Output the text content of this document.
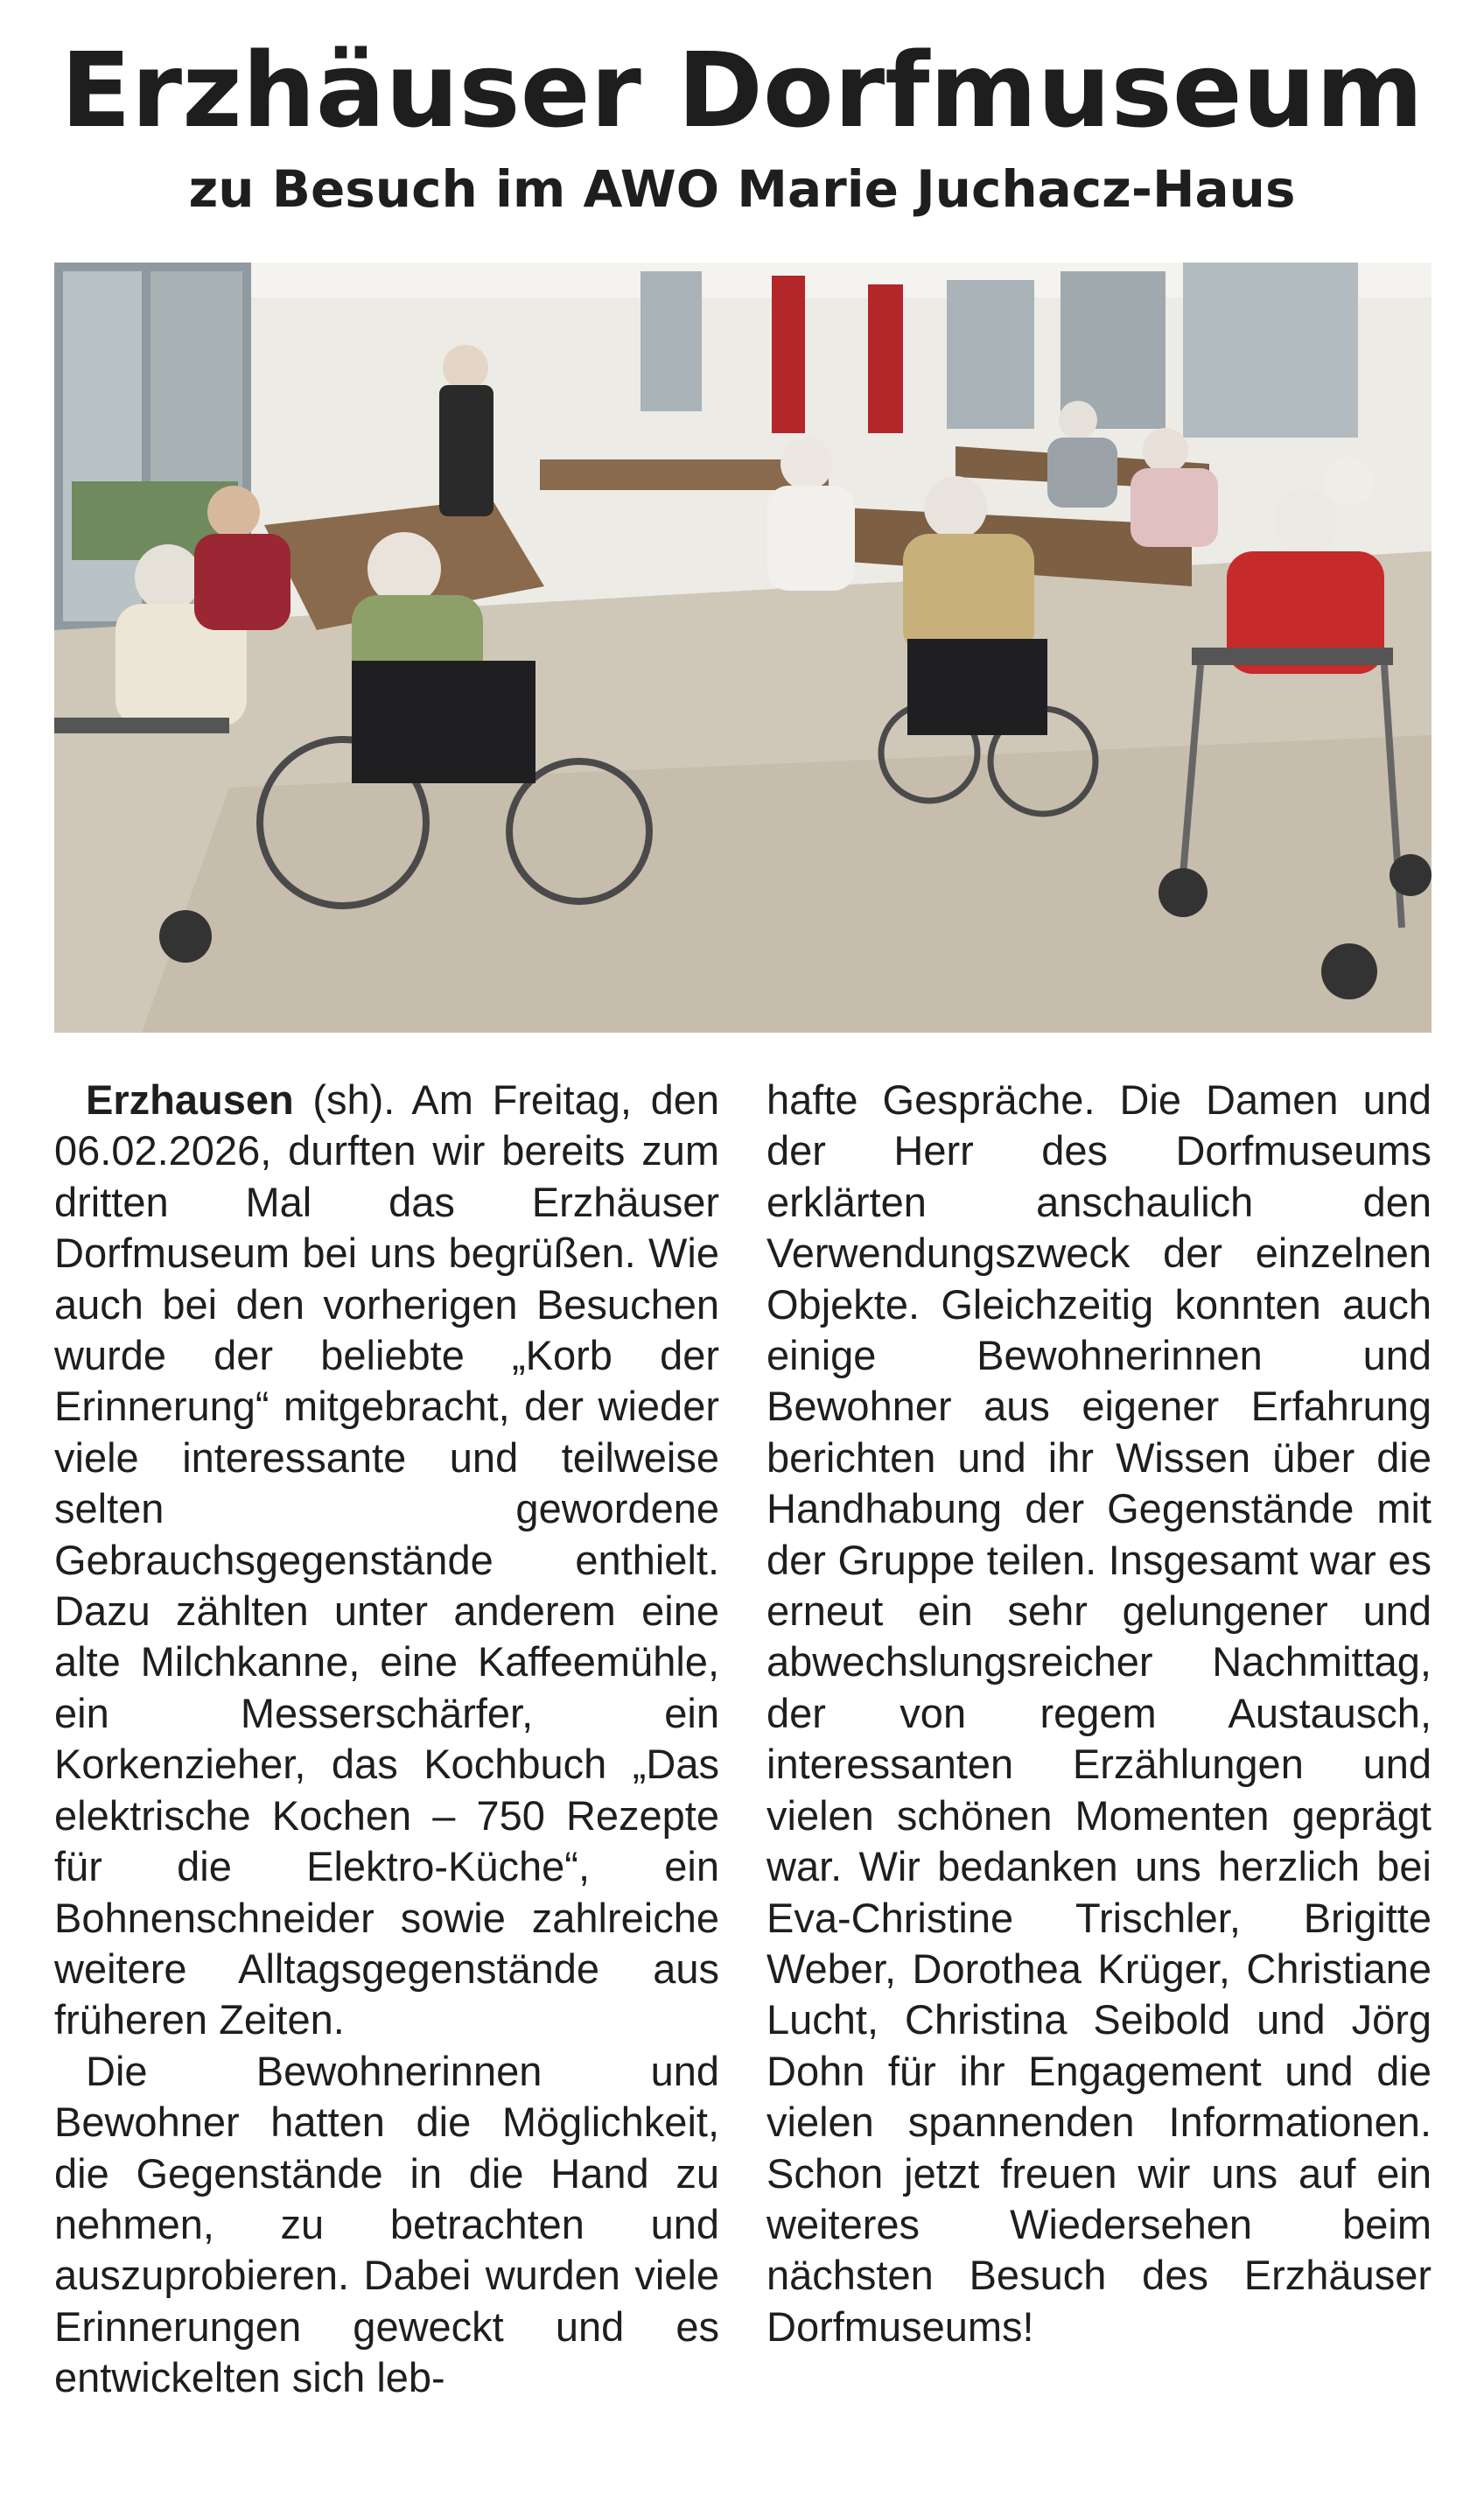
Erzhäuser Dorfmuseum
zu Besuch im AWO Marie Juchacz-Haus

Erzhausen (sh). Am Freitag, den 06.02.2026, durften wir bereits zum dritten Mal das Erzhäuser Dorfmuseum bei uns begrüßen. Wie auch bei den vorherigen Besuchen wurde der beliebte „Korb der Erinnerung“ mitgebracht, der wieder viele interessante und teilweise selten gewordene Gebrauchsgegenstände enthielt. Dazu zählten unter anderem eine alte Milchkanne, eine Kaffeemühle, ein Messerschärfer, ein Korkenzieher, das Kochbuch „Das elektrische Kochen – 750 Rezepte für die Elektro-Küche“, ein Bohnenschneider sowie zahlreiche weitere Alltagsgegenstände aus früheren Zeiten.

Die Bewohnerinnen und Bewohner hatten die Möglichkeit, die Gegenstände in die Hand zu nehmen, zu betrachten und auszuprobieren. Dabei wurden viele Erinnerungen geweckt und es entwickelten sich leb-

hafte Gespräche. Die Damen und der Herr des Dorfmuseums erklärten anschaulich den Verwendungszweck der einzelnen Objekte. Gleichzeitig konnten auch einige Bewohnerinnen und Bewohner aus eigener Erfahrung berichten und ihr Wissen über die Handhabung der Gegenstände mit der Gruppe teilen. Insgesamt war es erneut ein sehr gelungener und abwechslungsreicher Nachmittag, der von regem Austausch, interessanten Erzählungen und vielen schönen Momenten geprägt war. Wir bedanken uns herzlich bei Eva-Christine Trischler, Brigitte Weber, Dorothea Krüger, Christiane Lucht, Christina Seibold und Jörg Dohn für ihr Engagement und die vielen spannenden Informationen. Schon jetzt freuen wir uns auf ein weiteres Wiedersehen beim nächsten Besuch des Erzhäuser Dorfmuseums!
